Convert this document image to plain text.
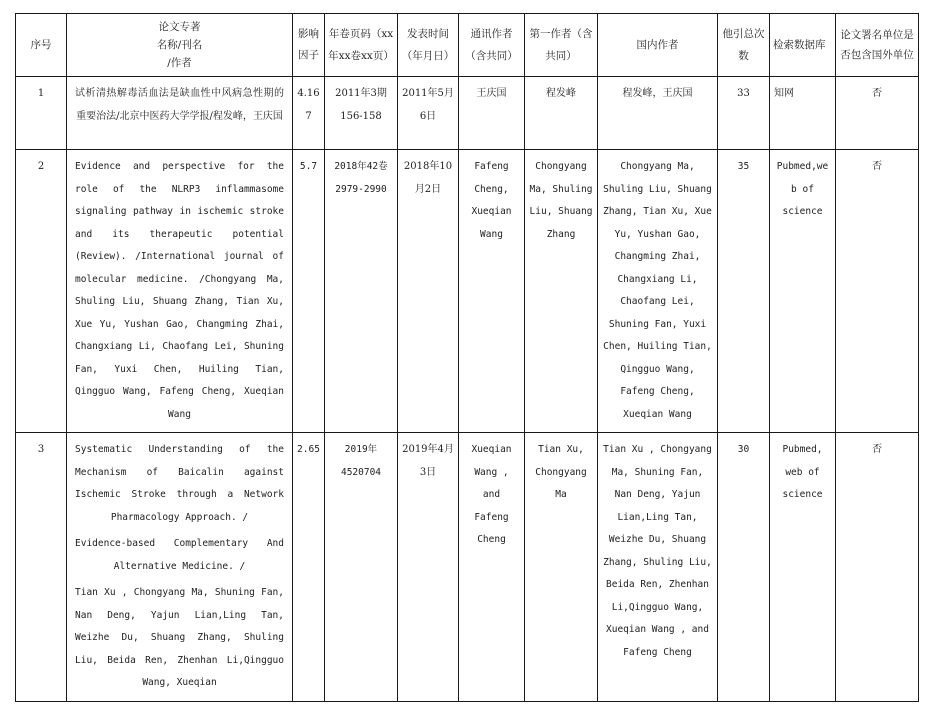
序号	论文专著
名称/刊名
/作者	影响因子	年卷页码（xx年xx卷xx页）	发表时间（年月日）	通讯作者（含共同）	第一作者（含共同）	国内作者	他引总次数	检索数据库	论文署名单位是否包含国外单位
1	试析清热解毒活血法是缺血性中风病急性期的重要治法/北京中医药大学学报/程发峰，王庆国	4.167	2011年3期156-158	2011年5月6日	王庆国	程发峰	程发峰，王庆国	33	知网	否
2	Evidence and perspective for the role of the NLRP3 inflammasome signaling pathway in ischemic stroke and its therapeutic potential (Review). /International journal of molecular medicine. /Chongyang Ma, Shuling Liu, Shuang Zhang, Tian Xu, Xue Yu, Yushan Gao, Changming Zhai, Changxiang Li, Chaofang Lei, Shuning Fan, Yuxi Chen, Huiling Tian, Qingguo Wang, Fafeng Cheng, Xueqian Wang	5.7	2018年42卷2979-2990	2018年10月2日	Fafeng Cheng, Xueqian Wang	Chongyang Ma, Shuling Liu, Shuang Zhang	Chongyang Ma, Shuling Liu, Shuang Zhang, Tian Xu, Xue Yu, Yushan Gao, Changming Zhai, Changxiang Li, Chaofang Lei, Shuning Fan, Yuxi Chen, Huiling Tian, Qingguo Wang, Fafeng Cheng, Xueqian Wang	35	Pubmed,web of science	否
3	Systematic Understanding of the Mechanism of Baicalin against Ischemic Stroke through a Network Pharmacology Approach. /
Evidence-based Complementary And Alternative Medicine. /
Tian Xu , Chongyang Ma, Shuning Fan, Nan Deng, Yajun Lian,Ling Tan, Weizhe Du, Shuang Zhang, Shuling Liu, Beida Ren, Zhenhan Li,Qingguo Wang, Xueqian	2.65	2019年4520704	2019年4月3日	Xueqian Wang , and Fafeng Cheng	Tian Xu, Chongyang Ma	Tian Xu , Chongyang Ma, Shuning Fan, Nan Deng, Yajun Lian,Ling Tan, Weizhe Du, Shuang Zhang, Shuling Liu, Beida Ren, Zhenhan Li,Qingguo Wang, Xueqian Wang , and Fafeng Cheng	30	Pubmed, web of science	否
